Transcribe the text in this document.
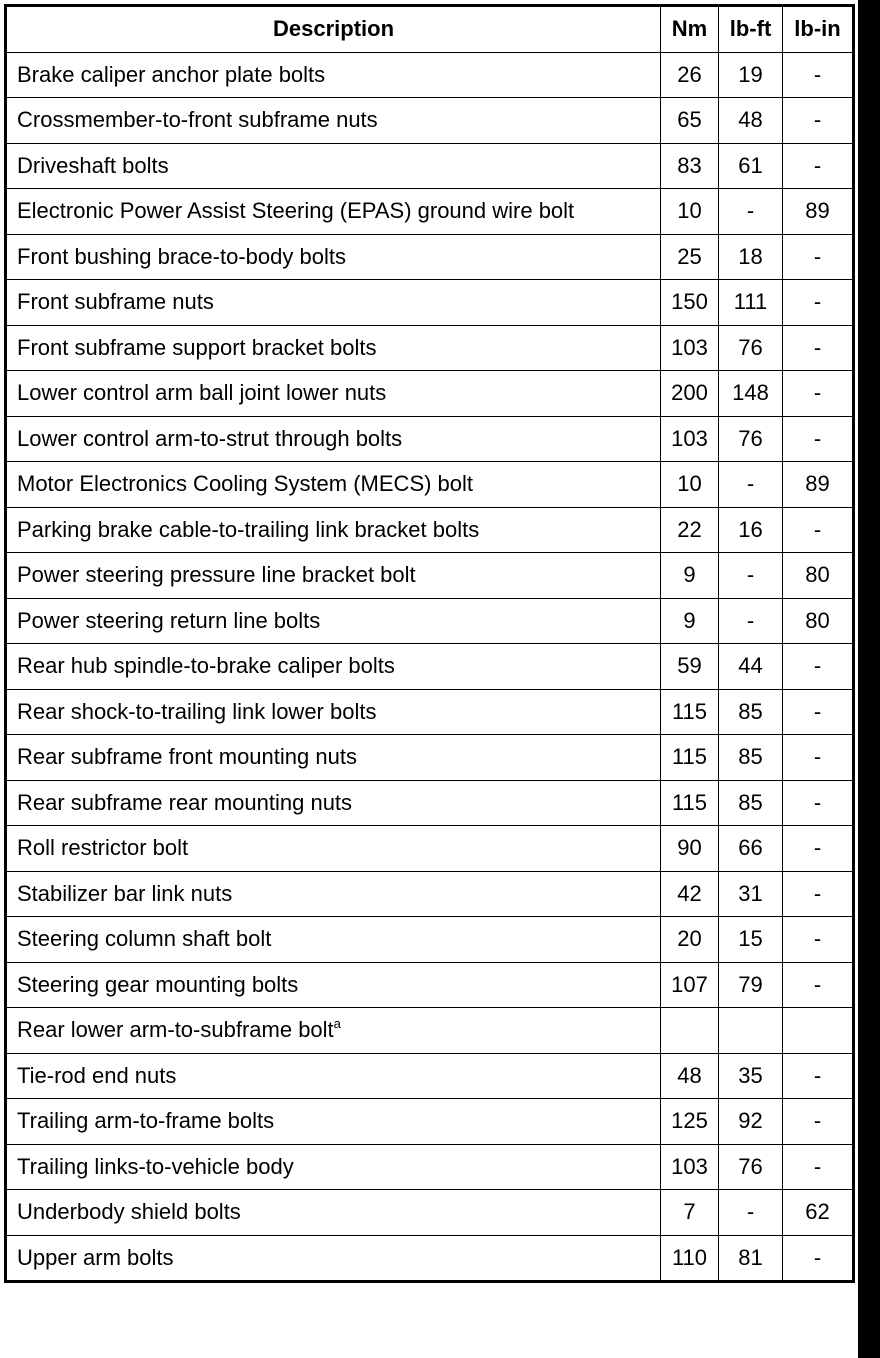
Description	Nm	lb-ft	lb-in
Brake caliper anchor plate bolts	26	19	-
Crossmember-to-front subframe nuts	65	48	-
Driveshaft bolts	83	61	-
Electronic Power Assist Steering (EPAS) ground wire bolt	10	-	89
Front bushing brace-to-body bolts	25	18	-
Front subframe nuts	150	111	-
Front subframe support bracket bolts	103	76	-
Lower control arm ball joint lower nuts	200	148	-
Lower control arm-to-strut through bolts	103	76	-
Motor Electronics Cooling System (MECS) bolt	10	-	89
Parking brake cable-to-trailing link bracket bolts	22	16	-
Power steering pressure line bracket bolt	9	-	80
Power steering return line bolts	9	-	80
Rear hub spindle-to-brake caliper bolts	59	44	-
Rear shock-to-trailing link lower bolts	115	85	-
Rear subframe front mounting nuts	115	85	-
Rear subframe rear mounting nuts	115	85	-
Roll restrictor bolt	90	66	-
Stabilizer bar link nuts	42	31	-
Steering column shaft bolt	20	15	-
Steering gear mounting bolts	107	79	-
Rear lower arm-to-subframe bolt$^a$			
Tie-rod end nuts	48	35	-
Trailing arm-to-frame bolts	125	92	-
Trailing links-to-vehicle body	103	76	-
Underbody shield bolts	7	-	62
Upper arm bolts	110	81	-
